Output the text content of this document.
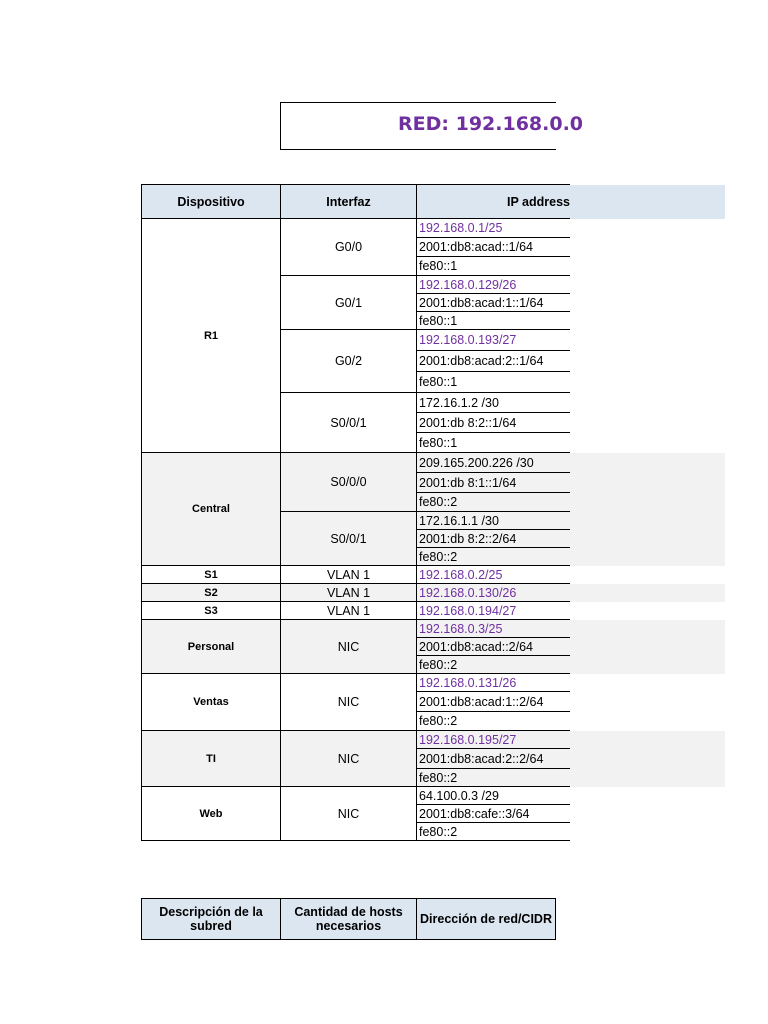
RED: 192.168.0.0
Dispositivo	Interfaz	IP address	
R1	G0/0	192.168.0.1/25	
		2001:db8:acad::1/64	
		fe80::1	
	G0/1	192.168.0.129/26	
		2001:db8:acad:1::1/64	
		fe80::1	
	G0/2	192.168.0.193/27	
		2001:db8:acad:2::1/64	
		fe80::1	
	S0/0/1	172.16.1.2 /30	
		2001:db 8:2::1/64	
		fe80::1	
Central	S0/0/0	209.165.200.226 /30	
		2001:db 8:1::1/64	
		fe80::2	
	S0/0/1	172.16.1.1 /30	
		2001:db 8:2::2/64	
		fe80::2	
S1	VLAN 1	192.168.0.2/25	
S2	VLAN 1	192.168.0.130/26	
S3	VLAN 1	192.168.0.194/27	
Personal	NIC	192.168.0.3/25	
		2001:db8:acad::2/64	
		fe80::2	
Ventas	NIC	192.168.0.131/26	
		2001:db8:acad:1::2/64	
		fe80::2	
TI	NIC	192.168.0.195/27	
		2001:db8:acad:2::2/64	
		fe80::2	
Web	NIC	64.100.0.3 /29	
		2001:db8:cafe::3/64	
		fe80::2	
Descripción de la subred	Cantidad de hosts necesarios	Dirección de red/CIDR
